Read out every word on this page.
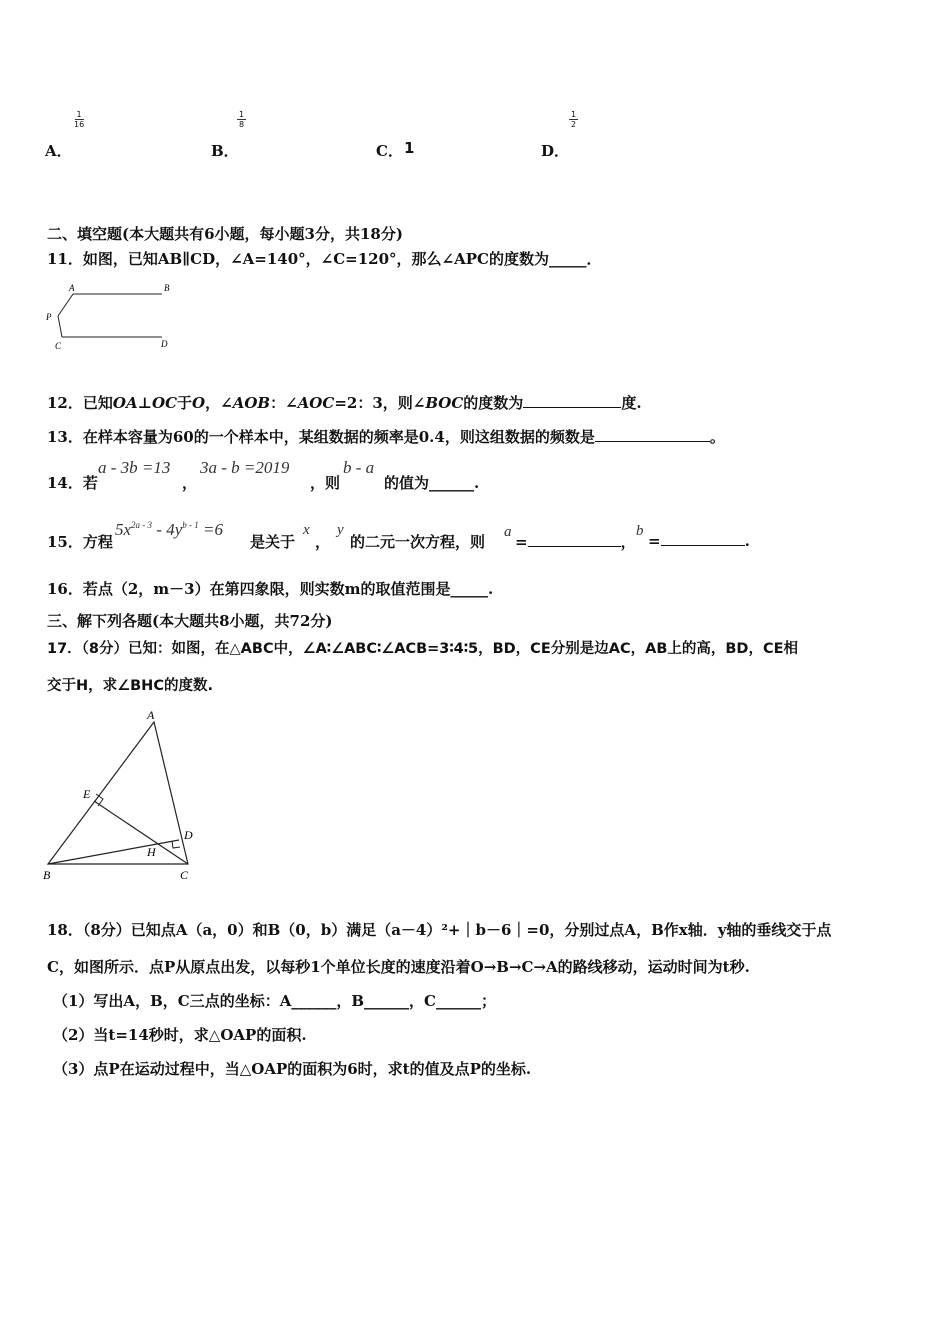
A．
1
16
B．
1
8
C． 1	D．
1
2
二、填空题(本大题共有6小题，每小题3分，共18分)
11．如图，已知AB∥CD，∠A=140°，∠C=120°，那么∠APC的度数为_____．
A	B
P
C	D
12．已知OA⊥OC于O，∠AOB：∠AOC=2：3，则∠BOC的度数为	度.
13．在样本容量为60的一个样本中，某组数据的频率是0.4，则这组数据的频数是	。
14．若
a - 3b =13
，
3a - b =2019
，则
b - a
的值为______.
15．方程
$5x^{2a - 3} - 4y^{b - 1} =6$
是关于
x
，
y
的二元一次方程，则
a
=	，
b
=	.
16．若点（2，m－3）在第四象限，则实数m的取值范围是_____.
三、解下列各题(本大题共8小题，共72分)
17．（8分）已知：如图，在△ABC中，∠A∶∠ABC∶∠ACB=3∶4∶5，BD，CE分别是边AC，AB上的高，BD，CE相
交于H，求∠BHC的度数.
A
B	C
D
E
H
18．（8分）已知点A（a，0）和B（0，b）满足（a－4）²+｜b－6｜=0，分别过点A，B作x轴．y轴的垂线交于点
C，如图所示．点P从原点出发，以每秒1个单位长度的速度沿着O→B→C→A的路线移动，运动时间为t秒.
（1）写出A，B，C三点的坐标：A______，B______，C______；
（2）当t=14秒时，求△OAP的面积.
（3）点P在运动过程中，当△OAP的面积为6时，求t的值及点P的坐标.
